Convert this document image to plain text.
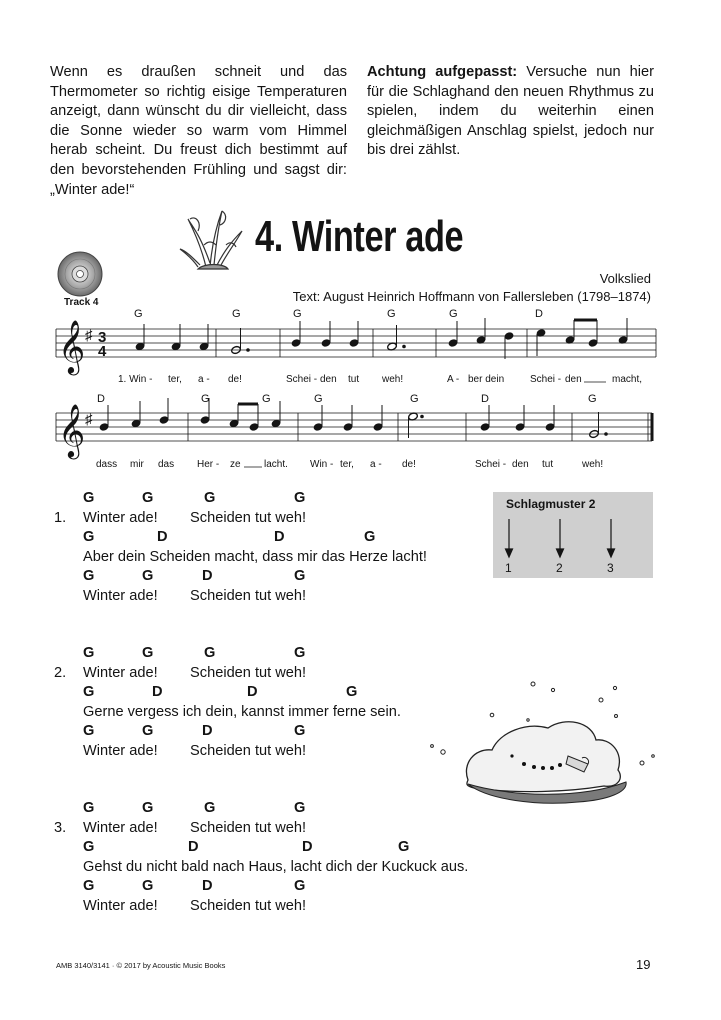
Wenn es draußen schneit und das Thermometer so richtig eisige Temperaturen anzeigt, dann wünscht du dir vielleicht, dass die Sonne wieder so warm vom Himmel herab scheint. Du freust dich bestimmt auf den bevorstehenden Frühling und sagst dir: „Winter ade!“

Achtung aufgepasst: Versuche nun hier für die Schlaghand den neuen Rhythmus zu spielen, indem du weiterhin einen gleichmäßigen Anschlag spielst, jedoch nur bis drei zählst.

4. Winter ade
Volkslied
Text: August Heinrich Hoffmann von Fallersleben (1798–1874)
Track 4
G	G	G	G	G	D
𝄞 ♯ 3
4
1. Win - ter, a - de!	Schei - den tut weh!	A - ber dein	Schei - den	macht,
D	G	G	G	G	D	G
𝄞 ♯
dass mir das Her - ze lacht. Win - ter, a - de!	Schei - den tut	weh!
Schlagmuster 2
1	2	3
G	G	G	G
1. Winter ade!        Scheiden tut weh!
G	D	D	G
Aber dein Scheiden macht, dass mir das Herze lacht!
G	G	D	G
Winter ade!        Scheiden tut weh!
G	G	G	G
2. Winter ade!        Scheiden tut weh!
G	D	D	G
Gerne vergess ich dein, kannst immer ferne sein.
G	G	D	G
Winter ade!        Scheiden tut weh!
G	G	G	G
3. Winter ade!        Scheiden tut weh!
G	D	D	G
Gehst du nicht bald nach Haus, lacht dich der Kuckuck aus.
G	G	D	G
Winter ade!        Scheiden tut weh!
AMB 3140/3141 · © 2017 by Acoustic Music Books	19
